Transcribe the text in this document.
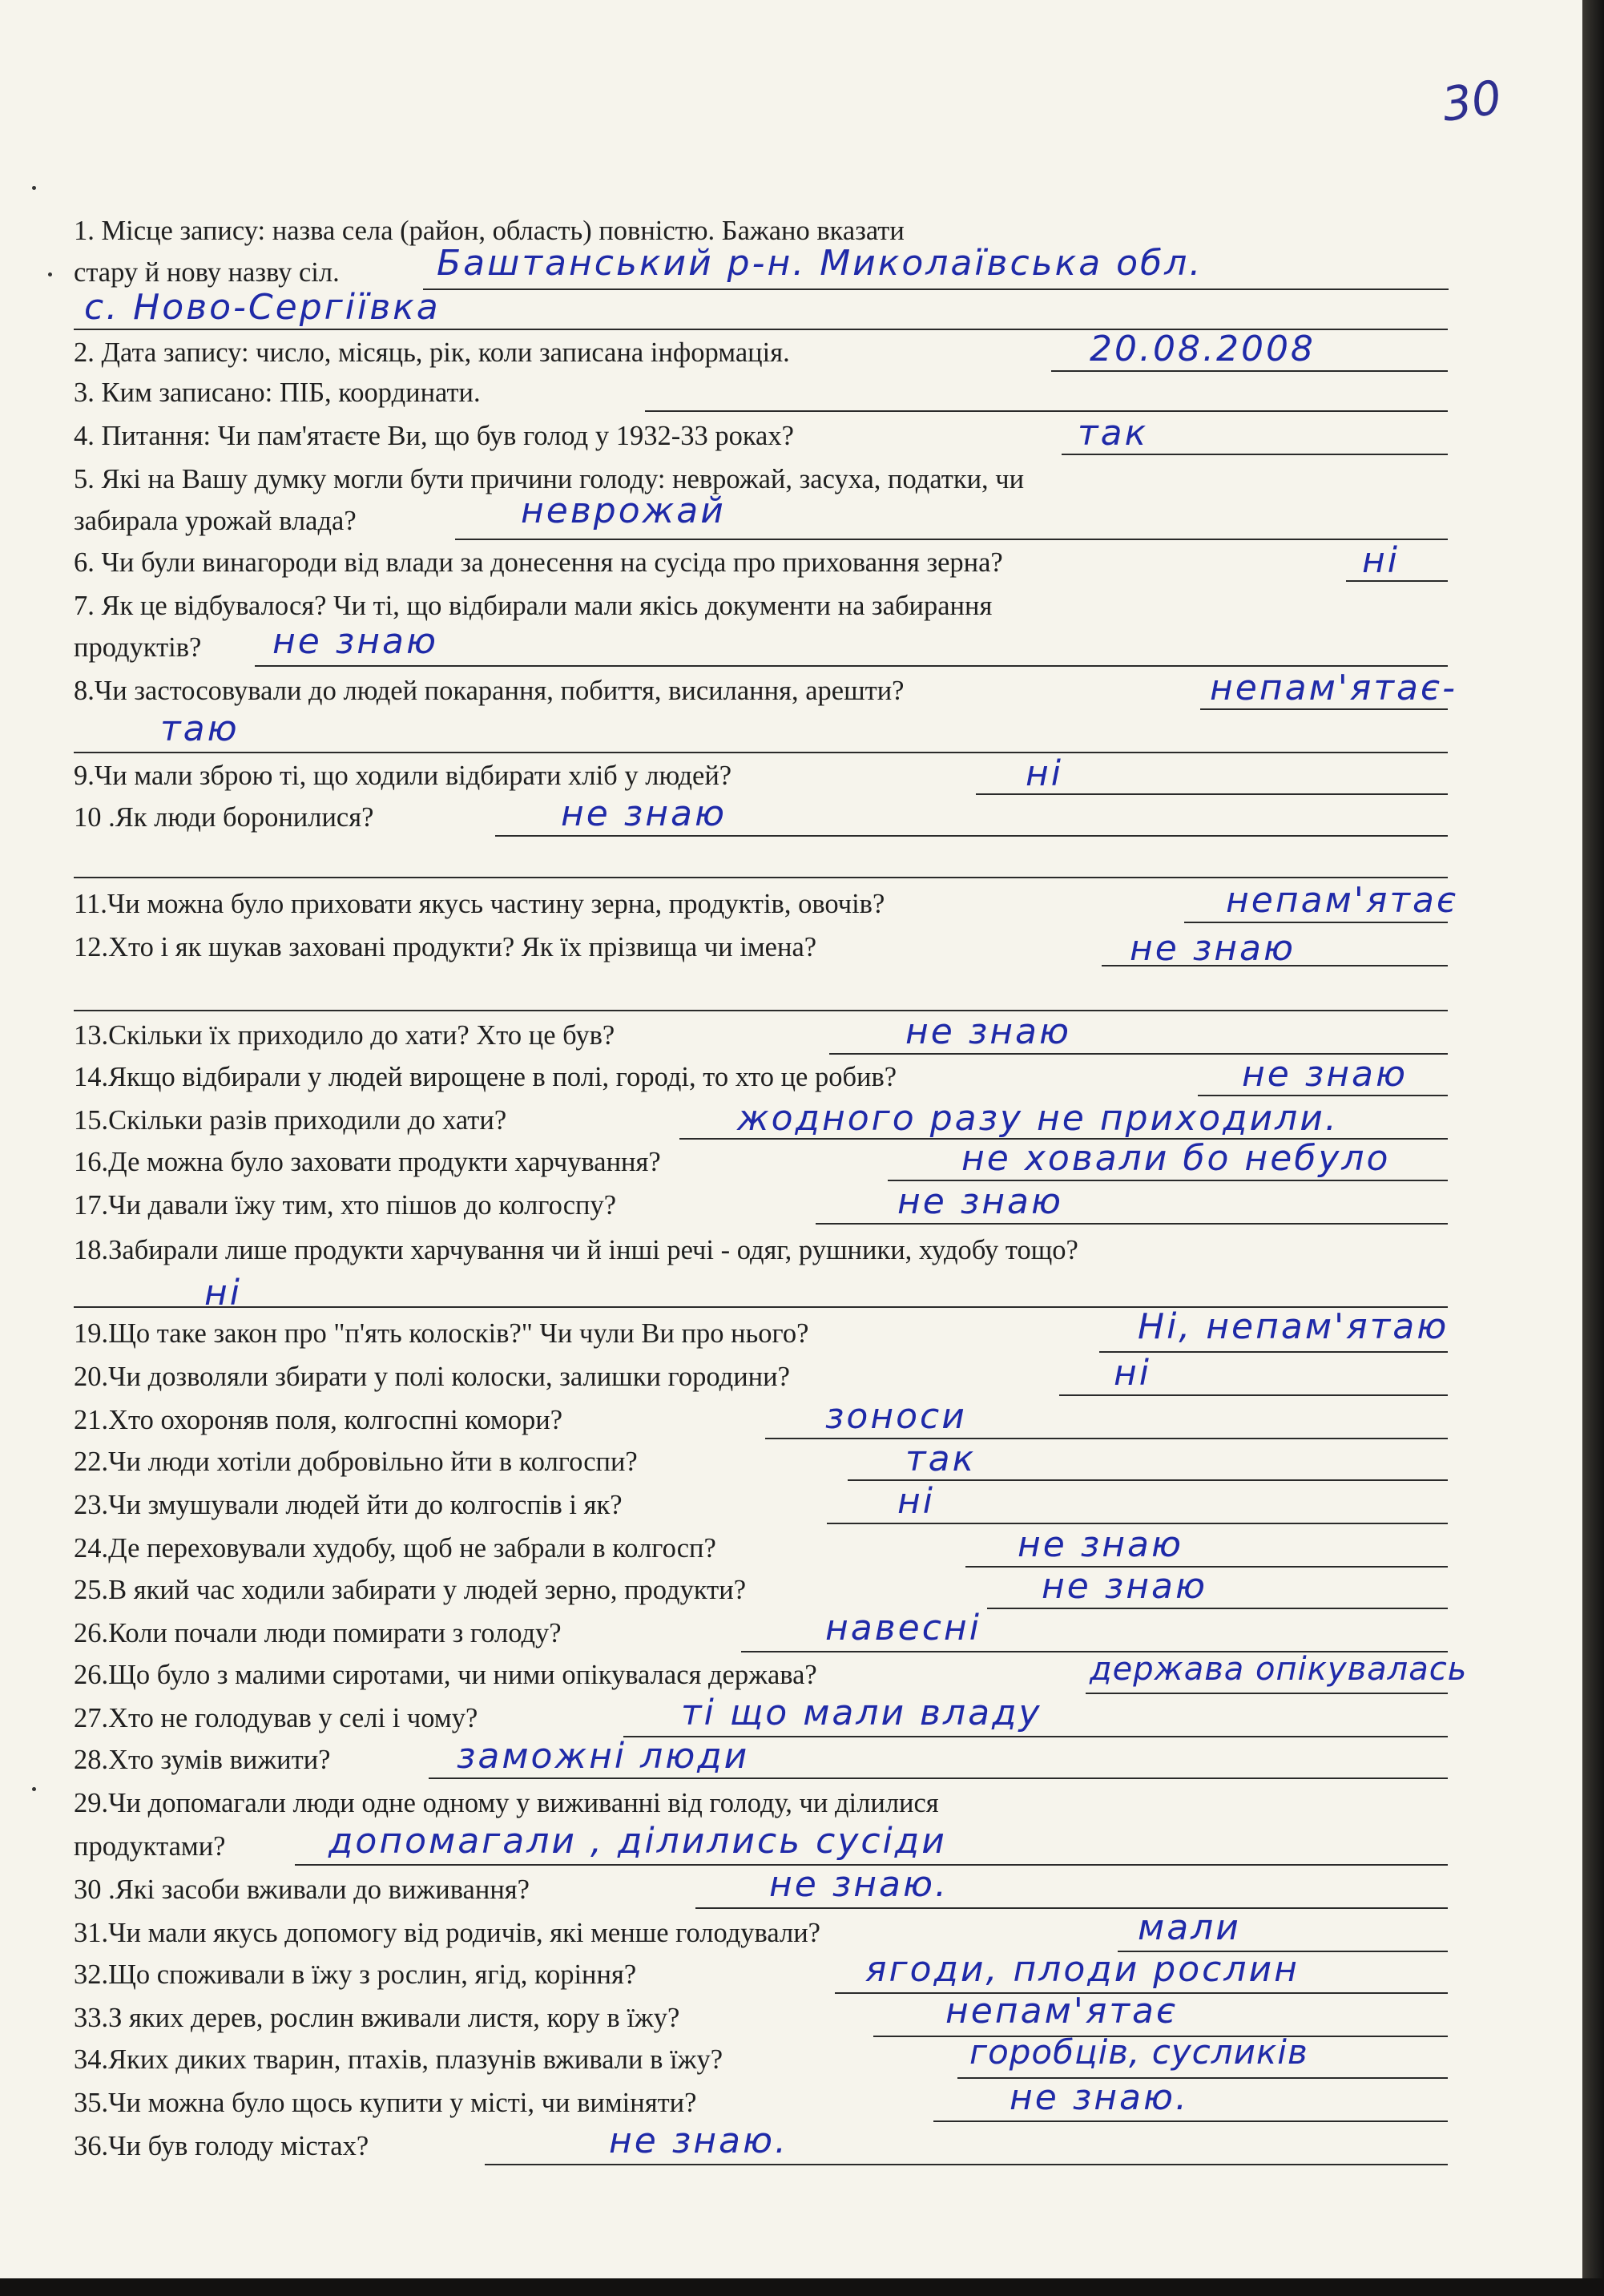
30
1. Місце запису: назва села (район, область) повністю. Бажано вказати
стару й нову назву сіл.	Баштанський р-н. Миколаївська обл.
с. Ново-Сергіївка
2. Дата запису: число, місяць, рік, коли записана інформація.	20.08.2008
3. Ким записано: ПІБ, координати.
4. Питання: Чи пам'ятаєте Ви, що був голод у 1932-33 роках?	так
5. Які на Вашу думку могли бути причини голоду: неврожай, засуха, податки, чи
забирала урожай влада?	неврожай
6. Чи були винагороди від влади за донесення на сусіда про приховання зерна?	ні
7. Як це відбувалося? Чи ті, що відбирали мали якісь документи на забирання
продуктів?	не знаю
8.Чи застосовували до людей покарання, побиття, висилання, арешти?	непам'ятає-
таю
9.Чи мали зброю ті, що ходили відбирати хліб у людей?	ні
10 .Як люди боронилися?	не знаю
11.Чи можна було приховати якусь частину зерна, продуктів, овочів?	непам'ятає
12.Хто і як шукав заховані продукти? Як їх прізвища чи імена?	не знаю
13.Скільки їх приходило до хати? Хто це був?	не знаю
14.Якщо відбирали у людей вирощене в полі, городі, то хто це робив?	не знаю
15.Скільки разів приходили до хати?	жодного разу не приходили.
16.Де можна було заховати продукти харчування?	не ховали бо небуло
17.Чи давали їжу тим, хто пішов до колгоспу?	не знаю
18.Забирали лише продукти харчування чи й інші речі - одяг, рушники, худобу тощо?
ні
19.Що таке закон про "п'ять колосків?" Чи чули Ви про нього?	Ні, непам'ятаю
20.Чи дозволяли збирати у полі колоски, залишки городини?	ні
21.Хто охороняв поля, колгоспні комори?	зоноси
22.Чи люди хотіли добровільно йти в колгоспи?	так
23.Чи змушували людей йти до колгоспів і як?	ні
24.Де переховували худобу, щоб не забрали в колгосп?	не знаю
25.В який час ходили забирати у людей зерно, продукти?	не знаю
26.Коли почали люди помирати з голоду?	навесні
26.Що було з малими сиротами, чи ними опікувалася держава?	держава опікувалась
27.Хто не голодував у селі і чому?	ті що мали владу
28.Хто зумів вижити?	заможні люди
29.Чи допомагали люди одне одному у виживанні від голоду, чи ділилися
продуктами?	допомагали , ділились сусіди
30 .Які засоби вживали до виживання?	не знаю.
31.Чи мали якусь допомогу від родичів, які менше голодували?	мали
32.Що споживали в їжу з рослин, ягід, коріння?	ягоди, плоди рослин
33.З яких дерев, рослин вживали листя, кору в їжу?	непам'ятає
34.Яких диких тварин, птахів, плазунів вживали в їжу?	горобців, сусликів
35.Чи можна було щось купити у місті, чи виміняти?	не знаю.
36.Чи був голоду містах?	не знаю.
